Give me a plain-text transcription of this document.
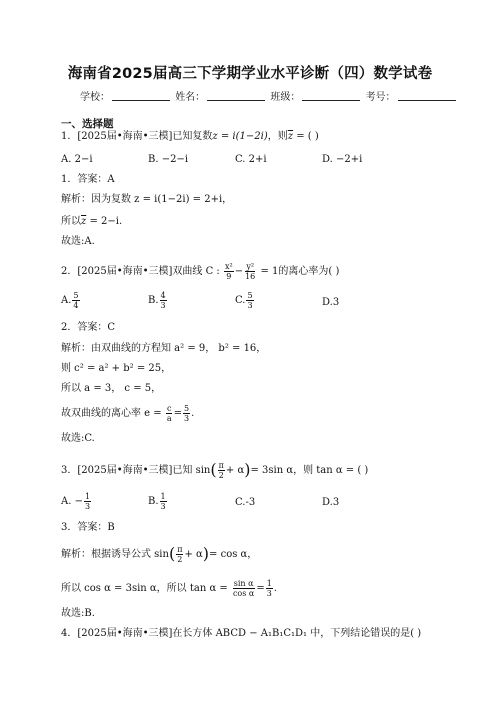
海南省2025届高三下学期学业水平诊断（四）数学试卷
学校：	姓名：	班级：	考号：
一、选择题
1．[2025届•海南•三模]已知复数z = i(1−2i)，则$\overline{z}$ = ( )
A. 2−i	B. −2−i	C. 2+i	D. −2+i
1．答案：A
解析：因为复数 z = i(1−2i) = 2+i，
所以$\overline{z} = 2-i$.
故选:A.
2．[2025届•海南•三模]双曲线 C : $\frac{\text{x²}}{9} - \frac{\text{y²}}{16} = 1$的离心率为( )
A. $\frac{5}{4}$	B. $\frac{4}{3}$	C. $\frac{5}{3}$	D.3
2．答案：C
解析：由双曲线的方程知 a² = 9， b² = 16，
则 c² = a² + b² = 25，
所以 a = 3， c = 5，
故双曲线的离心率 $e = \frac{c}{a} = \frac{5}{3}$ .
故选:C.
3．[2025届•海南•三模]已知 $\sin( \frac{\pi}{2} + \alpha)= 3\sin$ α，则 tan α = ( )
A. − $\frac{1}{3}$	B. $\frac{1}{3}$	C.-3	D.3
3．答案：B
解析：根据诱导公式 $\sin( \frac{\pi}{2} + \alpha)= \cos \alpha$，
所以 cos α = 3sin α，所以 $\tan \alpha = \frac{\text{sin α}}{\text{cos α}} = \frac{1}{3}$ .
故选:B.
4．[2025届•海南•三模]在长方体 ABCD − A₁B₁C₁D₁ 中，下列结论错误的是( )
